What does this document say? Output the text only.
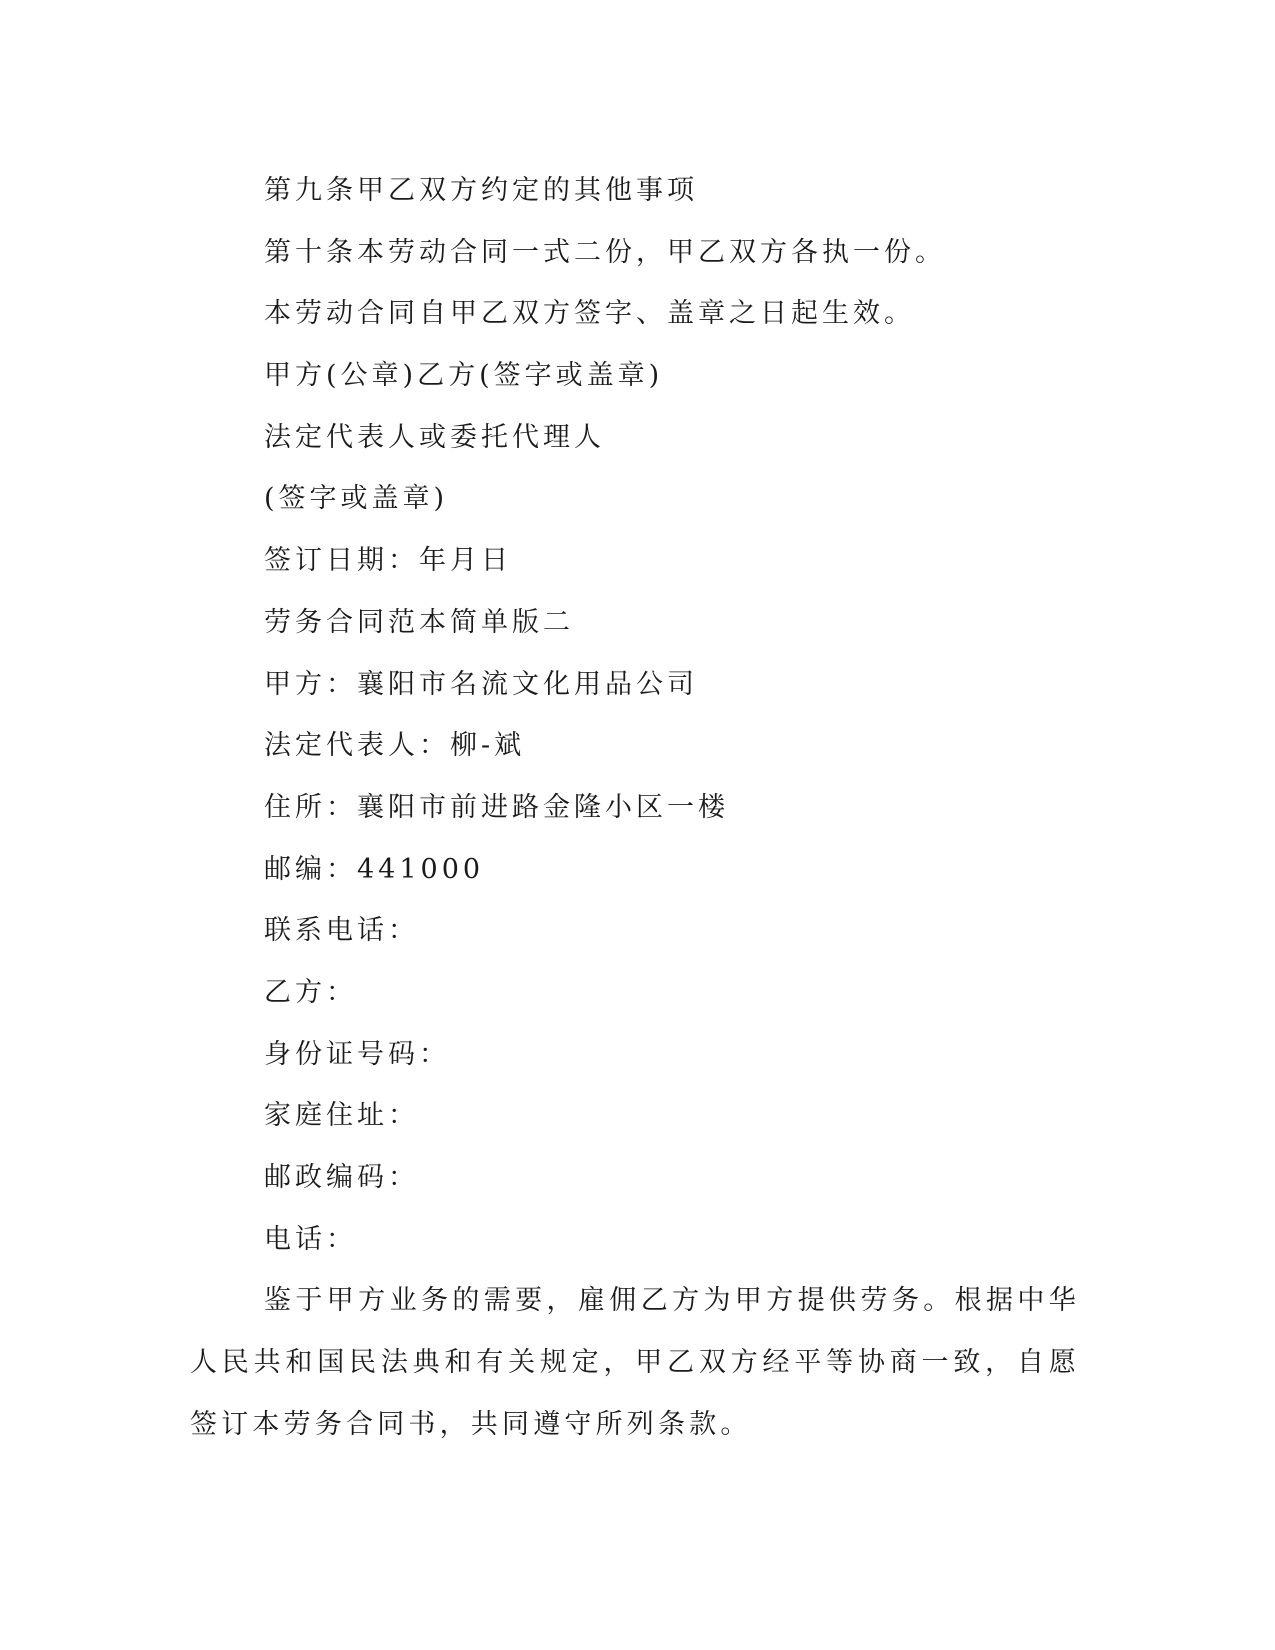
第九条甲乙双方约定的其他事项

第十条本劳动合同一式二份，甲乙双方各执一份。

本劳动合同自甲乙双方签字、盖章之日起生效。

甲方(公章)乙方(签字或盖章)

法定代表人或委托代理人

(签字或盖章)

签订日期：年月日

劳务合同范本简单版二

甲方：襄阳市名流文化用品公司

法定代表人：柳-斌

住所：襄阳市前进路金隆小区一楼

邮编：441000

联系电话：

乙方：

身份证号码：

家庭住址：

邮政编码：

电话：

鉴于甲方业务的需要，雇佣乙方为甲方提供劳务。根据中华人民共和国民法典和有关规定，甲乙双方经平等协商一致，自愿签订本劳务合同书，共同遵守所列条款。
